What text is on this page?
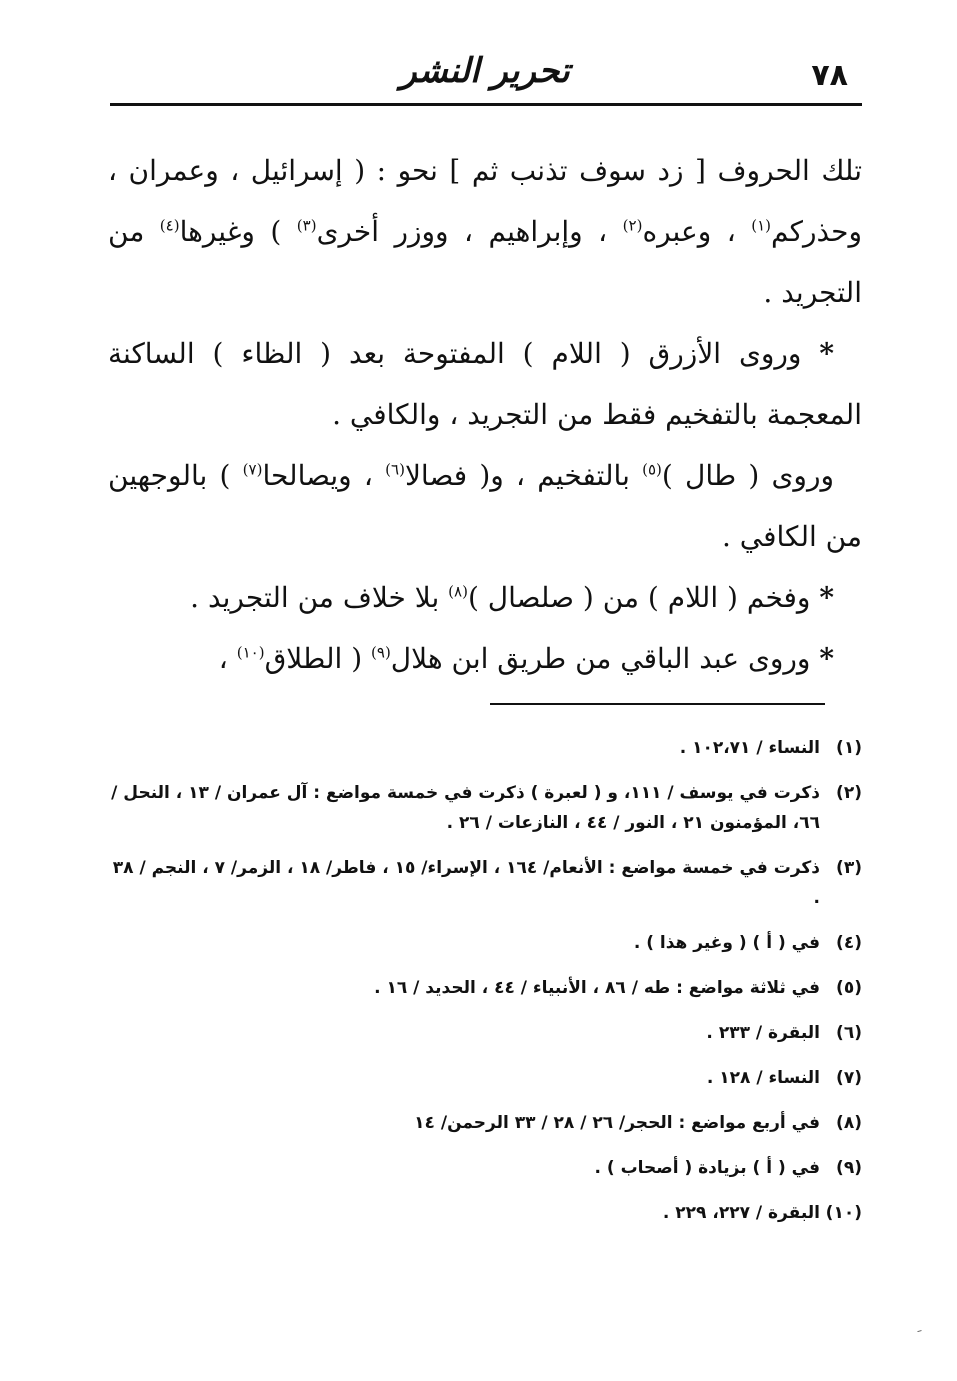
٧٨
تحرير النشر

تلك الحروف [ زد سوف تذنب ثم ] نحو : ( إسرائيل ، وعمران ، وحذركم$^{(١)}$ ، وعبره$^{(٢)}$ ، وإبراهيم ، ووزر أخرى$^{(٣)}$ ) وغيرها$^{(٤)}$ من التجريد .

* وروى الأزرق ( اللام ) المفتوحة بعد ( الظاء ) الساكنة المعجمة بالتفخيم فقط من التجريد ، والكافي .

وروى ( طال )$^{(٥)}$ بالتفخيم ، و( فصالا$^{(٦)}$ ، ويصالحا$^{(٧)}$ ) بالوجهين من الكافي .

* وفخم ( اللام ) من ( صلصال )$^{(٨)}$ بلا خلاف من التجريد .

* وروى عبد الباقي من طريق ابن هلال$^{(٩)}$ ( الطلاق$^{(١٠)}$ ،

(١)
النساء / ١٠٢،٧١ .
(٢)
ذكرت في يوسف / ١١١، و ( لعبرة ) ذكرت في خمسة مواضع : آل عمران / ١٣ ، النحل / ٦٦، المؤمنون ٢١ ، النور / ٤٤ ، النازعات / ٢٦ .
(٣)
ذكرت في خمسة مواضع : الأنعام/ ١٦٤ ، الإسراء/ ١٥ ، فاطر/ ١٨ ، الزمر/ ٧ ، النجم / ٣٨ .
(٤)
في ( أ ) ( وغير هذا ) .
(٥)
في ثلاثة مواضع : طه / ٨٦ ، الأنبياء / ٤٤ ، الحديد / ١٦ .
(٦)
البقرة / ٢٣٣ .
(٧)
النساء / ١٢٨ .
(٨)
في أربع مواضع : الحجر/ ٢٦ / ٢٨ / ٣٣ الرحمن/ ١٤
(٩)
في ( أ ) بزيادة ( أصحاب ) .
(١٠)
البقرة / ٢٢٧، ٢٢٩ .
